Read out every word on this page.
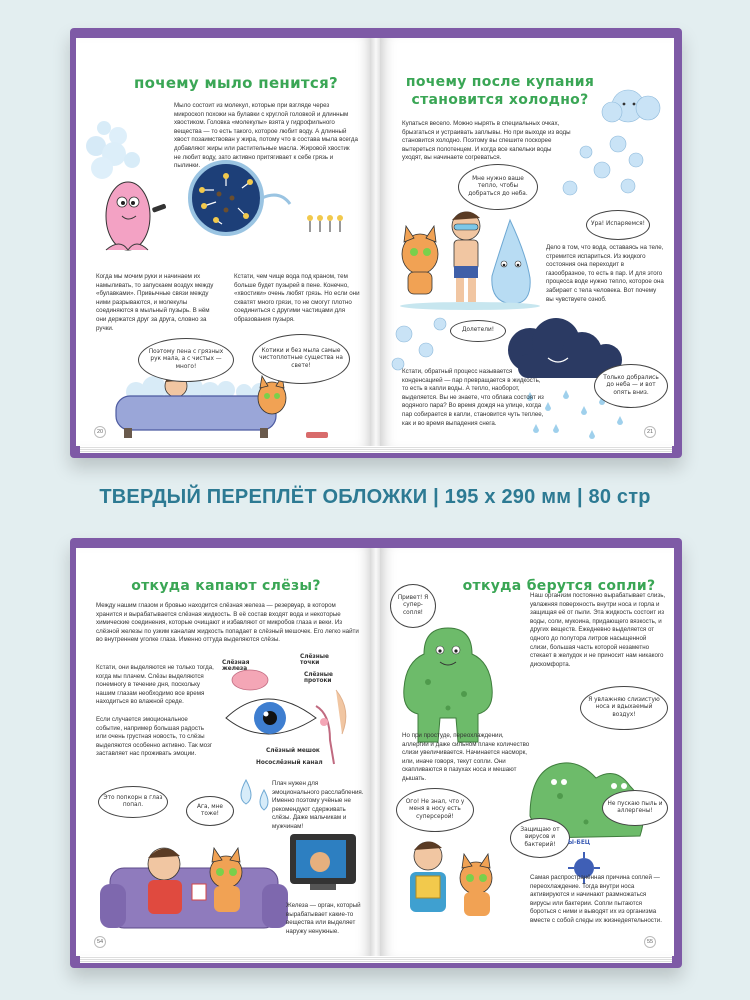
почему мыло пенится?
Мыло состоит из молекул, которые при взгляде через микроскоп похожи на булавки с круглой головкой и длинным хвостиком. Головка «молекулы» взята у гидрофильного вещества — то есть такого, которое любит воду. А длинный хвост позаимствован у жира, потому что в состава мыла всегда добавляют жиры или растительные масла. Жировой хвостик не любит воду, зато активно притягивает к себе грязь и пылинки.
Когда мы мочим руки и начинаем их намыливать, то запускаем воздух между «булавками». Привычные связи между ними разрываются, и молекулы соединяются в мыльный пузырь. В нём они держатся друг за друга, словно за ручки.
Кстати, чем чище вода под краном, тем больше будет пузырей в пене. Конечно, «хвостики» очень любят грязь. Но если они схватят много грязи, то не смогут плотно соединиться с другими частицами для образования пузыря.
Поэтому пена с грязных рук мала, а с чистых — много!
Котики и без мыла самые чистоплотные существа на свете!
20
почему после купания
становится холодно?
Купаться весело. Можно нырять в специальных очках, брызгаться и устраивать заплывы. Но при выходе из воды становится холодно. Поэтому вы спешите поскорее вытереться полотенцем. И когда все капельки воды уходят, вы начинаете согреваться.
Мне нужно ваше тепло, чтобы добраться до неба.
Ура! Испаряемся!
Дело в том, что вода, оставаясь на теле, стремится испариться. Из жидкого состояния она переходит в газообразное, то есть в пар. И для этого процесса воде нужно тепло, которое она забирает с тела человека. Вот почему вы чувствуете озноб.
Долетели!
Только добрались до неба — и вот опять вниз.
Кстати, обратный процесс называется конденсацией — пар превращается в жидкость, то есть в капли воды. А тепло, наоборот, выделяется. Вы не знаете, что облака состоят из водяного пара? Во время дождя на улице, когда пар собирается в капли, становится чуть теплее, как и во время выпадения снега.
21
ТВЕРДЫЙ ПЕРЕПЛЁТ ОБЛОЖКИ | 195 х 290 мм | 80 стр
откуда капают слёзы?
Между нашим глазом и бровью находится слёзная железа — резервуар, в котором хранится и вырабатывается слёзная жидкость. В её состав входят вода и некоторые химические соединения, которые очищают и избавляют от микробов глаза и веки. Из слёзной железы по узким каналам жидкость попадает в слёзный мешочек. Его легко найти во внутреннем уголке глаза. Именно оттуда выделяются слёзы.
Кстати, они выделяются не только тогда, когда мы плачем. Слёзы выделяются понемногу в течение дня, поскольку нашим глазам необходимо все время находиться во влажной среде.
Если случается эмоциональное событие, например большая радость или очень грустная новость, то слёзы выделяются особенно активно. Так мозг заставляет нас проживать эмоции.
Слёзная железа
Слёзные точки
Слёзные протоки
Слёзный мешок
Носослёзный канал
Плач нужен для эмоционального расслабления. Именно поэтому учёные не рекомендуют сдерживать слёзы. Даже мальчикам и мужчинам!
Это попкорн в глаз попал.	Ага, мне тоже!
Железа — орган, который вырабатывает какие-то вещества или выделяет наружу ненужные.
54
откуда берутся сопли?
Привет! Я супер-сопля!
Наш организм постоянно вырабатывает слизь, увлажняя поверхность внутри носа и горла и защищая её от пыли. Эта жидкость состоит из воды, соли, мукоина, придающего вязкость, и других веществ. Ежедневно выделяется от одного до полутора литров насыщенной слизи, большая часть которой незаметно стекает в желудок и не приносит нам никакого дискомфорта.
Я увлажняю слизистую носа и вдыхаемый воздух!
Но при простуде, переохлаждении, аллергии и даже сильном плаче количество слизи увеличивается. Начинается насморк, или, иначе говоря, текут сопли. Они скапливаются в пазухах носа и мешают дышать.
Ого! Не знал, что у меня в носу есть суперсерой!
Не пускаю пыль и аллергены!
Защищаю от вирусов и бактерий!	Ы-БЕЦ
Самая распространённая причина соплей — переохлаждение. Тогда внутри носа активируются и начинают размножаться вирусы или бактерии. Сопли пытаются бороться с ними и выводят их из организма вместе с собой следы их жизнедеятельности.
55
